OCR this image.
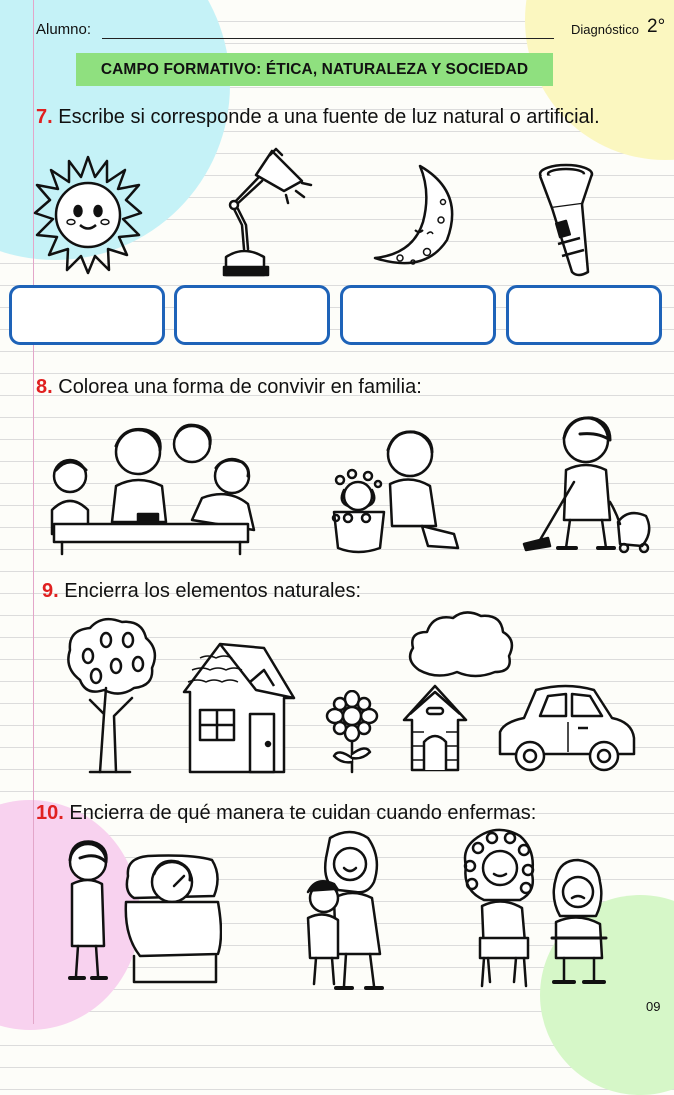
Alumno:	Diagnóstico 2°
CAMPO FORMATIVO: ÉTICA, NATURALEZA Y SOCIEDAD
7. Escribe si corresponde a una fuente de luz natural o artificial.
8. Colorea una forma de convivir en familia:
9. Encierra los elementos naturales:
10. Encierra de qué manera te cuidan cuando enfermas:
09
